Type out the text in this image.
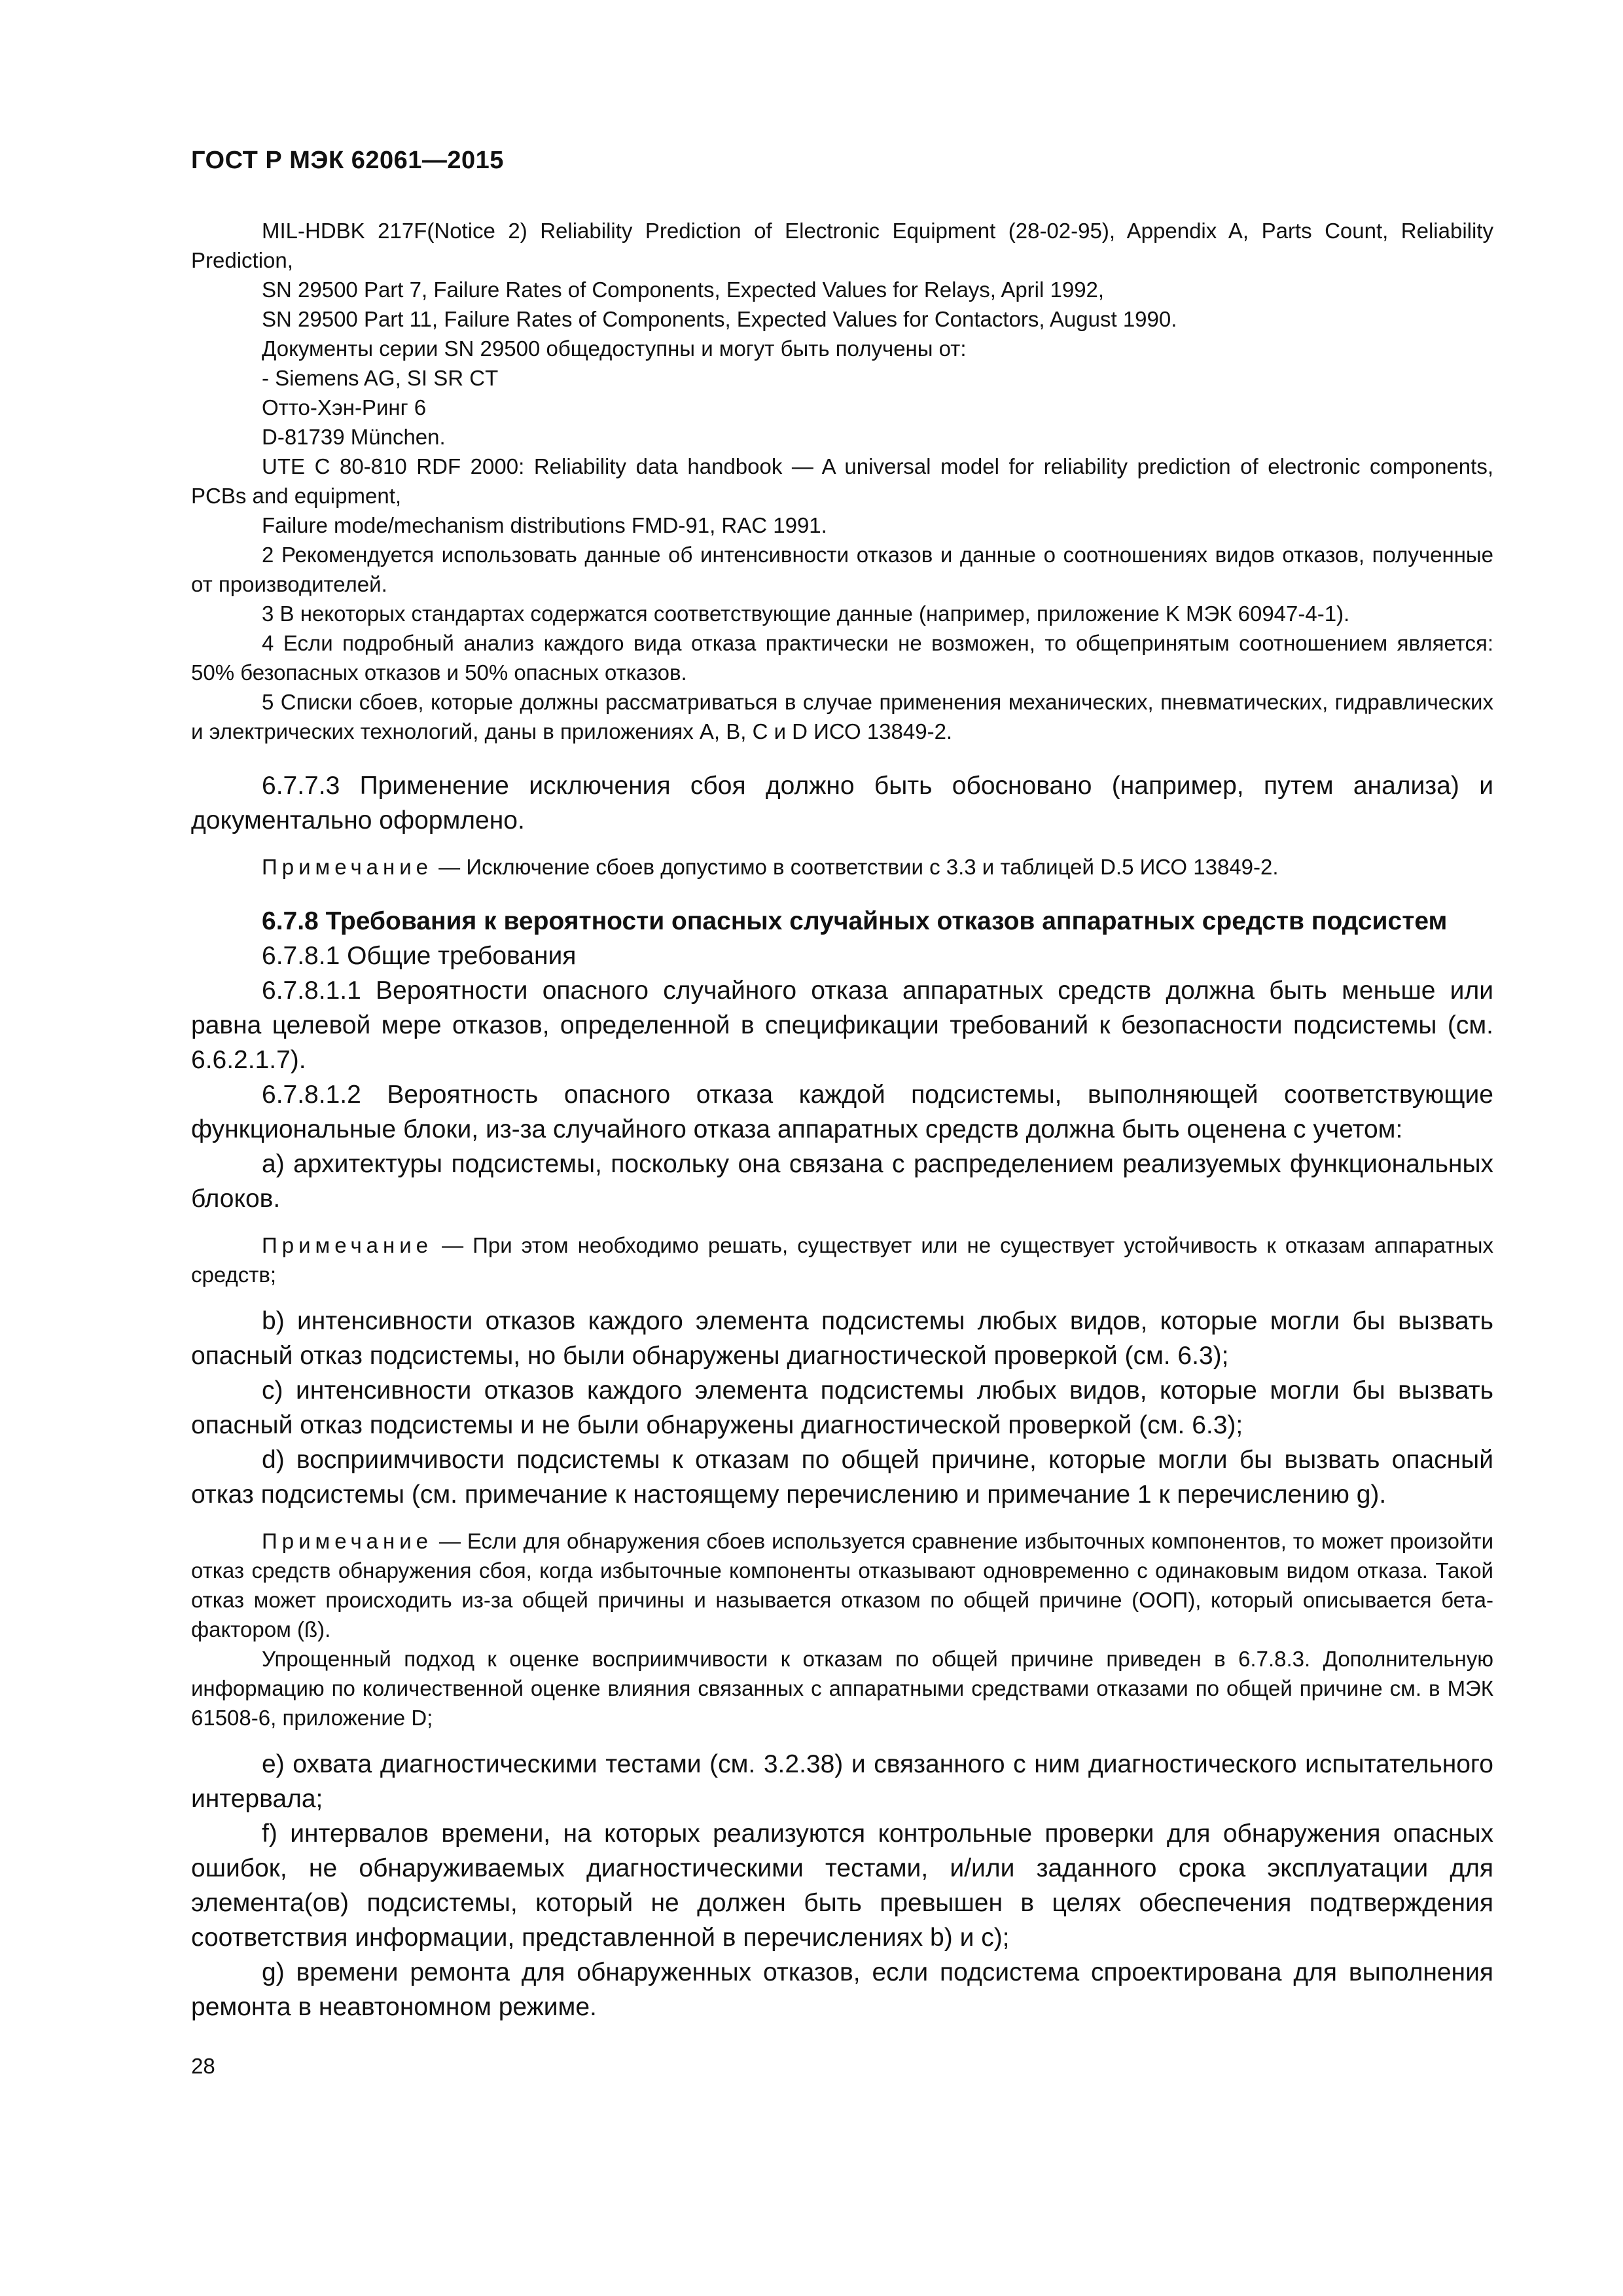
ГОСТ Р МЭК 62061—2015

MIL-HDBK 217F(Notice 2) Reliability Prediction of Electronic Equipment (28-02-95), Appendix A, Parts Count, Reliability Prediction,

SN 29500 Part 7, Failure Rates of Components, Expected Values for Relays, April 1992,

SN 29500 Part 11, Failure Rates of Components, Expected Values for Contactors, August 1990.

Документы серии SN 29500 общедоступны и могут быть получены от:

- Siemens AG, SI SR CT

Отто-Хэн-Ринг 6

D-81739 München.

UTE C 80-810 RDF 2000: Reliability data handbook — A universal model for reliability prediction of electronic components, PCBs and equipment,

Failure mode/mechanism distributions FMD-91, RAC 1991.

2 Рекомендуется использовать данные об интенсивности отказов и данные о соотношениях видов отказов, полученные от производителей.

3 В некоторых стандартах содержатся соответствующие данные (например, приложение K МЭК 60947-4-1).

4 Если подробный анализ каждого вида отказа практически не возможен, то общепринятым соотношением является: 50% безопасных отказов и 50% опасных отказов.

5 Списки сбоев, которые должны рассматриваться в случае применения механических, пневматических, гидравлических и электрических технологий, даны в приложениях A, B, C и D ИСО 13849-2.

6.7.7.3 Применение исключения сбоя должно быть обосновано (например, путем анализа) и документально оформлено.

Примечание — Исключение сбоев допустимо в соответствии с 3.3 и таблицей D.5 ИСО 13849-2.

6.7.8 Требования к вероятности опасных случайных отказов аппаратных средств подсистем

6.7.8.1 Общие требования

6.7.8.1.1 Вероятности опасного случайного отказа аппаратных средств должна быть меньше или равна целевой мере отказов, определенной в спецификации требований к безопасности подсистемы (см. 6.6.2.1.7).

6.7.8.1.2 Вероятность опасного отказа каждой подсистемы, выполняющей соответствующие функциональные блоки, из-за случайного отказа аппаратных средств должна быть оценена с учетом:

a) архитектуры подсистемы, поскольку она связана с распределением реализуемых функциональных блоков.

Примечание — При этом необходимо решать, существует или не существует устойчивость к отказам аппаратных средств;

b) интенсивности отказов каждого элемента подсистемы любых видов, которые могли бы вызвать опасный отказ подсистемы, но были обнаружены диагностической проверкой (см. 6.3);

c) интенсивности отказов каждого элемента подсистемы любых видов, которые могли бы вызвать опасный отказ подсистемы и не были обнаружены диагностической проверкой (см. 6.3);

d) восприимчивости подсистемы к отказам по общей причине, которые могли бы вызвать опасный отказ подсистемы (см. примечание к настоящему перечислению и примечание 1 к перечислению g).

Примечание — Если для обнаружения сбоев используется сравнение избыточных компонентов, то может произойти отказ средств обнаружения сбоя, когда избыточные компоненты отказывают одновременно с одинаковым видом отказа. Такой отказ может происходить из-за общей причины и называется отказом по общей причине (ООП), который описывается бета-фактором (ß).

Упрощенный подход к оценке восприимчивости к отказам по общей причине приведен в 6.7.8.3. Дополнительную информацию по количественной оценке влияния связанных с аппаратными средствами отказами по общей причине см. в МЭК 61508-6, приложение D;

e) охвата диагностическими тестами (см. 3.2.38) и связанного с ним диагностического испытательного интервала;

f) интервалов времени, на которых реализуются контрольные проверки для обнаружения опасных ошибок, не обнаруживаемых диагностическими тестами, и/или заданного срока эксплуатации для элемента(ов) подсистемы, который не должен быть превышен в целях обеспечения подтверждения соответствия информации, представленной в перечислениях b) и c);

g) времени ремонта для обнаруженных отказов, если подсистема спроектирована для выполнения ремонта в неавтономном режиме.

28
